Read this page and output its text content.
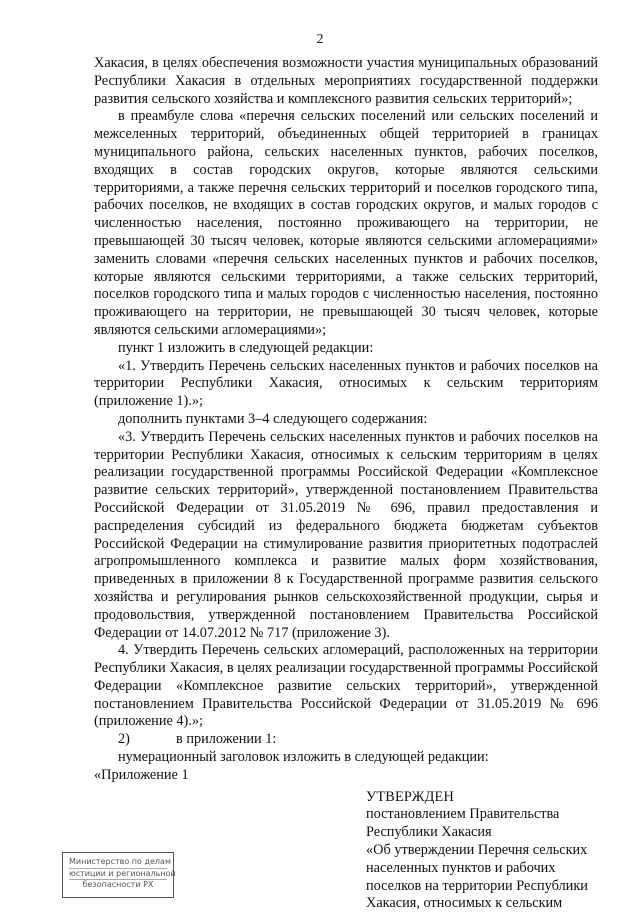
2

Хакасия, в целях обеспечения возможности участия муниципальных образований Республики Хакасия в отдельных мероприятиях государственной поддержки развития сельского хозяйства и комплексного развития сельских территорий»;

в преамбуле слова «перечня сельских поселений или сельских поселений и межселенных территорий, объединенных общей территорией в границах муниципального района, сельских населенных пунктов, рабочих поселков, входящих в состав городских округов, которые являются сельскими территориями, а также перечня сельских территорий и поселков городского типа, рабочих поселков, не входящих в состав городских округов, и малых городов с численностью населения, постоянно проживающего на территории, не превышающей 30 тысяч человек, которые являются сельскими агломерациями» заменить словами «перечня сельских населенных пунктов и рабочих поселков, которые являются сельскими территориями, а также сельских территорий, поселков городского типа и малых городов с численностью населения, постоянно проживающего на территории, не превышающей 30 тысяч человек, которые являются сельскими агломерациями»;

пункт 1 изложить в следующей редакции:

«1. Утвердить Перечень сельских населенных пунктов и рабочих поселков на территории Республики Хакасия, относимых к сельским территориям (приложение 1).»;

дополнить пунктами 3–4 следующего содержания:

«3. Утвердить Перечень сельских населенных пунктов и рабочих поселков на территории Республики Хакасия, относимых к сельским территориям в целях реализации государственной программы Российской Федерации «Комплексное развитие сельских территорий», утвержденной постановлением Правительства Российской Федерации от 31.05.2019 № 696, правил предоставления и распределения субсидий из федерального бюджета бюджетам субъектов Российской Федерации на стимулирование развития приоритетных подотраслей агропромышленного комплекса и развитие малых форм хозяйствования, приведенных в приложении 8 к Государственной программе развития сельского хозяйства и регулирования рынков сельскохозяйственной продукции, сырья и продовольствия, утвержденной постановлением Правительства Российской Федерации от 14.07.2012 № 717 (приложение 3).

4. Утвердить Перечень сельских агломераций, расположенных на территории Республики Хакасия, в целях реализации государственной программы Российской Федерации «Комплексное развитие сельских территорий», утвержденной постановлением Правительства Российской Федерации от 31.05.2019 № 696 (приложение 4).»;

2)	в приложении 1:

нумерационный заголовок изложить в следующей редакции:

«Приложение 1

УТВЕРЖДЕН
постановлением Правительства
Республики Хакасия
«Об утверждении Перечня сельских
населенных пунктов и рабочих
поселков на территории Республики
Хакасия, относимых к сельским
Министерство по делам
юстиции и региональной
безопасности РХ
